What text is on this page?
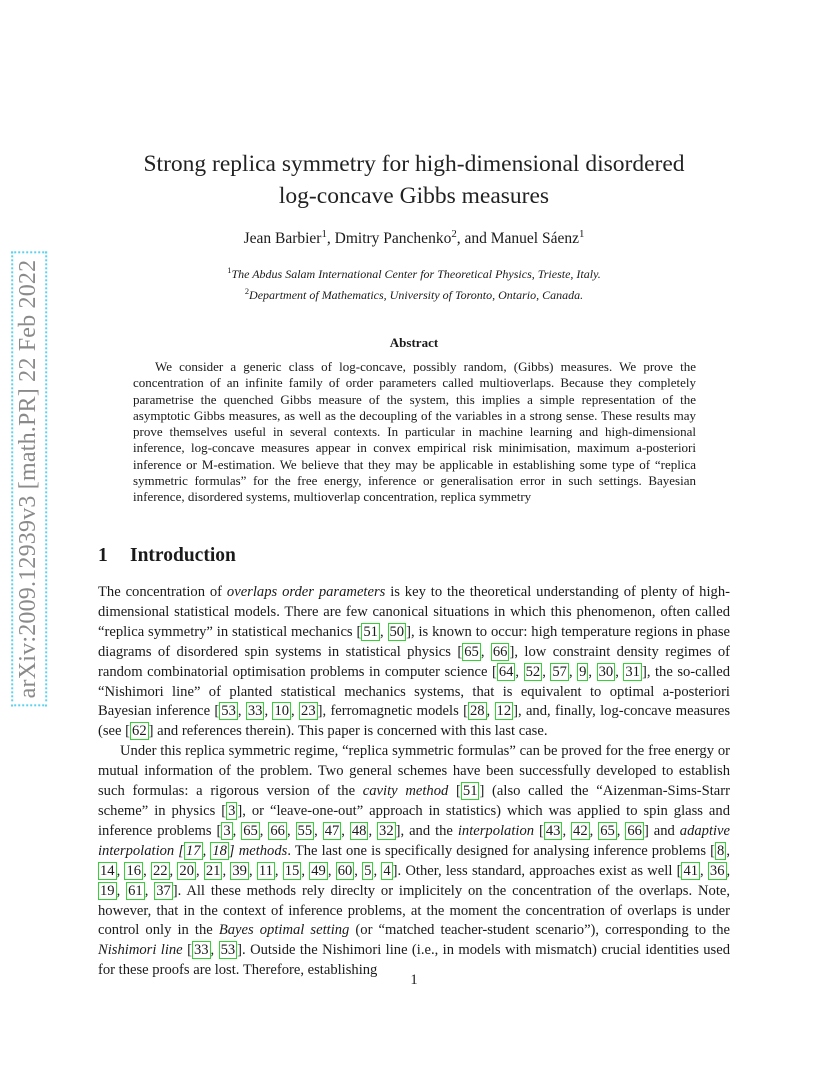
arXiv:2009.12939v3 [math.PR] 22 Feb 2022
Strong replica symmetry for high-dimensional disordered
log-concave Gibbs measures
Jean Barbier$^1$, Dmitry Panchenko$^2$, and Manuel Sáenz$^1$
$^1$The Abdus Salam International Center for Theoretical Physics, Trieste, Italy.
$^2$Department of Mathematics, University of Toronto, Ontario, Canada.
Abstract
We consider a generic class of log-concave, possibly random, (Gibbs) measures. We prove the concentration of an infinite family of order parameters called multioverlaps. Because they completely parametrise the quenched Gibbs measure of the system, this implies a simple representation of the asymptotic Gibbs measures, as well as the decoupling of the variables in a strong sense. These results may prove themselves useful in several contexts. In particular in machine learning and high-dimensional inference, log-concave measures appear in convex empirical risk minimisation, maximum a-posteriori inference or M-estimation. We believe that they may be applicable in establishing some type of “replica symmetric formulas” for the free energy, inference or generalisation error in such settings. Bayesian inference, disordered systems, multioverlap concentration, replica symmetry
1 Introduction

The concentration of overlaps order parameters is key to the theoretical understanding of plenty of high-dimensional statistical models. There are few canonical situations in which this phenomenon, often called “replica symmetry” in statistical mechanics [ 51 , 50 ], is known to occur: high temperature regions in phase diagrams of disordered spin systems in statistical physics [ 65 , 66 ], low constraint density regimes of random combinatorial optimisation problems in computer science [ 64 , 52 , 57 , 9 , 30 , 31 ], the so-called “Nishimori line” of planted statistical mechanics systems, that is equivalent to optimal a-posteriori Bayesian inference [ 53 , 33 , 10 , 23 ], ferromagnetic models [ 28 , 12 ], and, finally, log-concave measures (see [ 62 ] and references therein). This paper is concerned with this last case.

Under this replica symmetric regime, “replica symmetric formulas” can be proved for the free energy or mutual information of the problem. Two general schemes have been successfully developed to establish such formulas: a rigorous version of the cavity method [ 51 ] (also called the “Aizenman-Sims-Starr scheme” in physics [ 3 ], or “leave-one-out” approach in statistics) which was applied to spin glass and inference problems [ 3 , 65 , 66 , 55 , 47 , 48 , 32 ], and the interpolation [ 43 , 42 , 65 , 66 ] and adaptive interpolation [ 17 , 18 ] methods. The last one is specifically designed for analysing inference problems [ 8 , 14 , 16 , 22 , 20 , 21 , 39 , 11 , 15 , 49 , 60 , 5 , 4 ]. Other, less standard, approaches exist as well [ 41 , 36 , 19 , 61 , 37 ]. All these methods rely direclty or implicitely on the concentration of the overlaps. Note, however, that in the context of inference problems, at the moment the concentration of overlaps is under control only in the Bayes optimal setting (or “matched teacher-student scenario”), corresponding to the Nishimori line [ 33 , 53 ]. Outside the Nishimori line (i.e., in models with mismatch) crucial identities used for these proofs are lost. Therefore, establishing

1
